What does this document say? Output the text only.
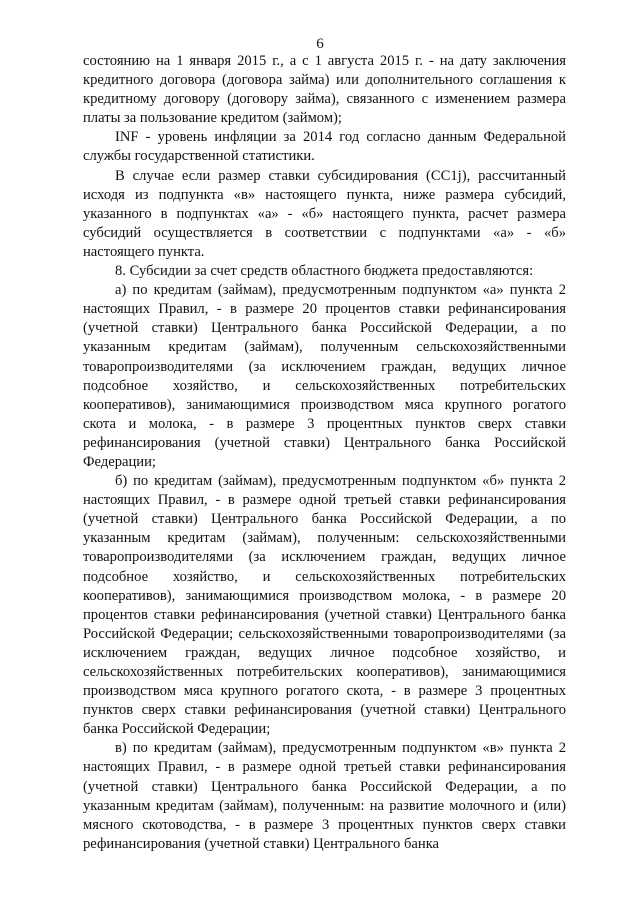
6

состоянию на 1 января 2015 г., а с 1 августа 2015 г. - на дату заключения кредитного договора (договора займа) или дополнительного соглашения к кредитному договору (договору займа), связанного с изменением размера платы за пользование кредитом (займом);

INF - уровень инфляции за 2014 год согласно данным Федеральной службы государственной статистики.

В случае если размер ставки субсидирования (СС1j), рассчитанный исходя из подпункта «в» настоящего пункта, ниже размера субсидий, указанного в подпунктах «а» - «б» настоящего пункта, расчет размера субсидий осуществляется в соответствии с подпунктами «а» - «б» настоящего пункта.

8. Субсидии за счет средств областного бюджета предоставляются:

а) по кредитам (займам), предусмотренным подпунктом «а» пункта 2 настоящих Правил, - в размере 20 процентов ставки рефинансирования (учетной ставки) Центрального банка Российской Федерации, а по указанным кредитам (займам), полученным сельскохозяйственными товаропроизводителями (за исключением граждан, ведущих личное подсобное хозяйство, и сельскохозяйственных потребительских кооперативов), занимающимися производством мяса крупного рогатого скота и молока, - в размере 3 процентных пунктов сверх ставки рефинансирования (учетной ставки) Центрального банка Российской Федерации;

б) по кредитам (займам), предусмотренным подпунктом «б» пункта 2 настоящих Правил, - в размере одной третьей ставки рефинансирования (учетной ставки) Центрального банка Российской Федерации, а по указанным кредитам (займам), полученным: сельскохозяйственными товаропроизводителями (за исключением граждан, ведущих личное подсобное хозяйство, и сельскохозяйственных потребительских кооперативов), занимающимися производством молока, - в размере 20 процентов ставки рефинансирования (учетной ставки) Центрального банка Российской Федерации; сельскохозяйственными товаропроизводителями (за исключением граждан, ведущих личное подсобное хозяйство, и сельскохозяйственных потребительских кооперативов), занимающимися производством мяса крупного рогатого скота, - в размере 3 процентных пунктов сверх ставки рефинансирования (учетной ставки) Центрального банка Российской Федерации;

в) по кредитам (займам), предусмотренным подпунктом «в» пункта 2 настоящих Правил, - в размере одной третьей ставки рефинансирования (учетной ставки) Центрального банка Российской Федерации, а по указанным кредитам (займам), полученным: на развитие молочного и (или) мясного скотоводства, - в размере 3 процентных пунктов сверх ставки рефинансирования (учетной ставки) Центрального банка
